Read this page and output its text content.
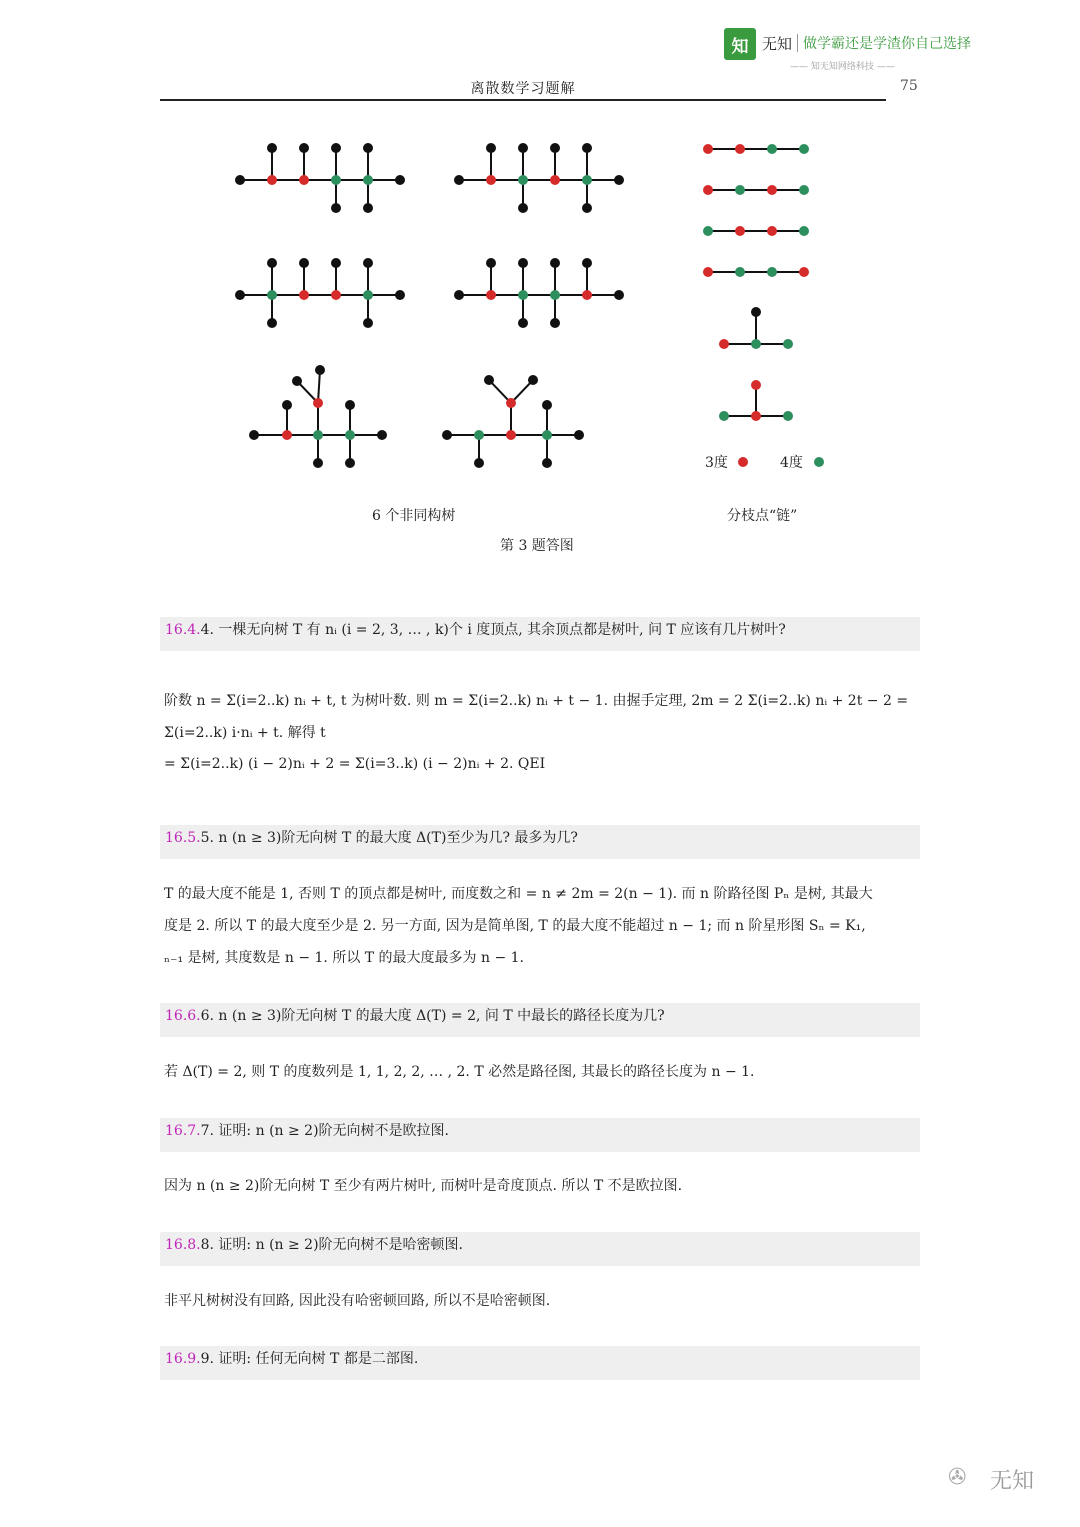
知 无知 做学霸还是学渣你自己选择
—— 知无知网络科技 ——
离散数学习题解	75
3度	4度
6 个非同构树	分枝点“链”
第 3 题答图
16.4.4. 一棵无向树 T 有 nᵢ (i = 2, 3, … , k)个 i 度顶点, 其余顶点都是树叶, 问 T 应该有几片树叶?
阶数 n = Σ(i=2..k) nᵢ + t, t 为树叶数. 则 m = Σ(i=2..k) nᵢ + t − 1. 由握手定理, 2m = 2 Σ(i=2..k) nᵢ + 2t − 2 = Σ(i=2..k) i·nᵢ + t. 解得 t
= Σ(i=2..k) (i − 2)nᵢ + 2 = Σ(i=3..k) (i − 2)nᵢ + 2. QEI
16.5.5. n (n ≥ 3)阶无向树 T 的最大度 Δ(T)至少为几? 最多为几?
T 的最大度不能是 1, 否则 T 的顶点都是树叶, 而度数之和 = n ≠ 2m = 2(n − 1). 而 n 阶路径图 Pₙ 是树, 其最大
度是 2. 所以 T 的最大度至少是 2. 另一方面, 因为是简单图, T 的最大度不能超过 n − 1; 而 n 阶星形图 Sₙ = K₁,
ₙ₋₁ 是树, 其度数是 n − 1. 所以 T 的最大度最多为 n − 1.
16.6.6. n (n ≥ 3)阶无向树 T 的最大度 Δ(T) = 2, 问 T 中最长的路径长度为几?
若 Δ(T) = 2, 则 T 的度数列是 1, 1, 2, 2, … , 2. T 必然是路径图, 其最长的路径长度为 n − 1.
16.7.7. 证明: n (n ≥ 2)阶无向树不是欧拉图.
因为 n (n ≥ 2)阶无向树 T 至少有两片树叶, 而树叶是奇度顶点. 所以 T 不是欧拉图.
16.8.8. 证明: n (n ≥ 2)阶无向树不是哈密顿图.
非平凡树树没有回路, 因此没有哈密顿回路, 所以不是哈密顿图.
16.9.9. 证明: 任何无向树 T 都是二部图.
✇ 无知
